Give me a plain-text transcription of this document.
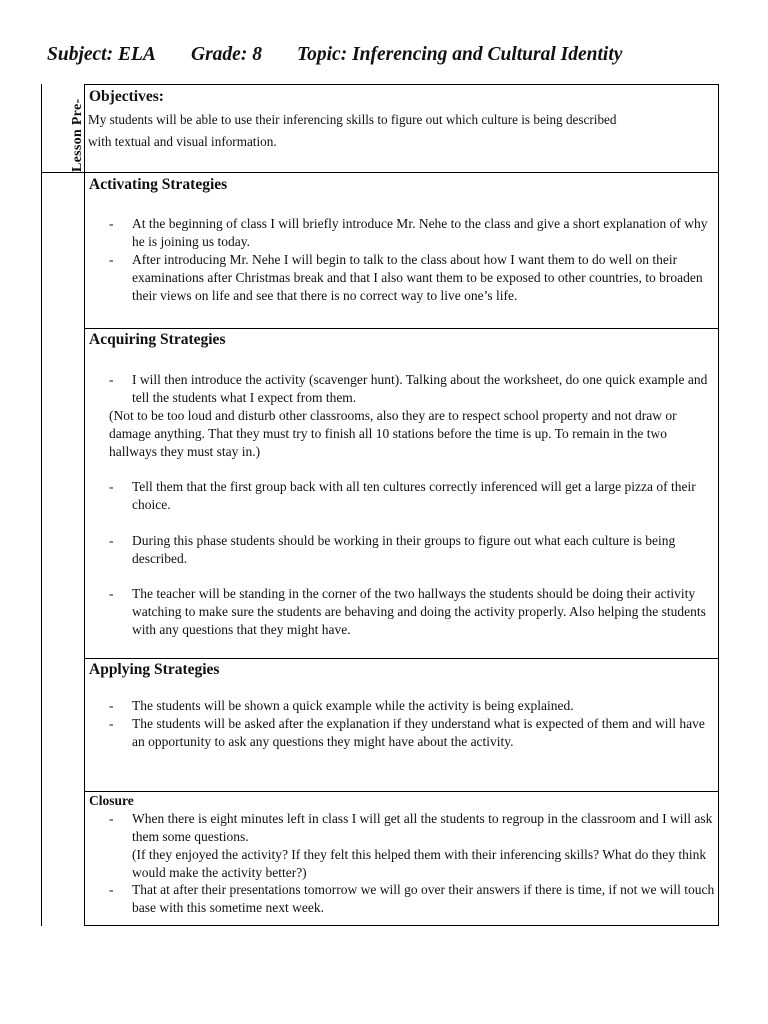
Subject: ELA Grade: 8 Topic: Inferencing and Cultural Identity
Lesson Pre-
Objectives:
My students will be able to use their inferencing skills to figure out which culture is being described
with textual and visual information.
Activating Strategies
- At the beginning of class I will briefly introduce Mr. Nehe to the class and give a short explanation of why he is joining us today.
- After introducing Mr. Nehe I will begin to talk to the class about how I want them to do well on their examinations after Christmas break and that I also want them to be exposed to other countries, to broaden their views on life and see that there is no correct way to live one’s life.
Acquiring Strategies
- I will then introduce the activity (scavenger hunt). Talking about the worksheet, do one quick example and tell the students what I expect from them.
(Not to be too loud and disturb other classrooms, also they are to respect school property and not draw or damage anything. That they must try to finish all 10 stations before the time is up. To remain in the two hallways they must stay in.)
- Tell them that the first group back with all ten cultures correctly inferenced will get a large pizza of their choice.
- During this phase students should be working in their groups to figure out what each culture is being described.
- The teacher will be standing in the corner of the two hallways the students should be doing their activity watching to make sure the students are behaving and doing the activity properly. Also helping the students with any questions that they might have.
Applying Strategies
- The students will be shown a quick example while the activity is being explained.
- The students will be asked after the explanation if they understand what is expected of them and will have an opportunity to ask any questions they might have about the activity.
Closure
- When there is eight minutes left in class I will get all the students to regroup in the classroom and I will ask them some questions.
(If they enjoyed the activity? If they felt this helped them with their inferencing skills? What do they think would make the activity better?)
- That at after their presentations tomorrow we will go over their answers if there is time, if not we will touch base with this sometime next week.
